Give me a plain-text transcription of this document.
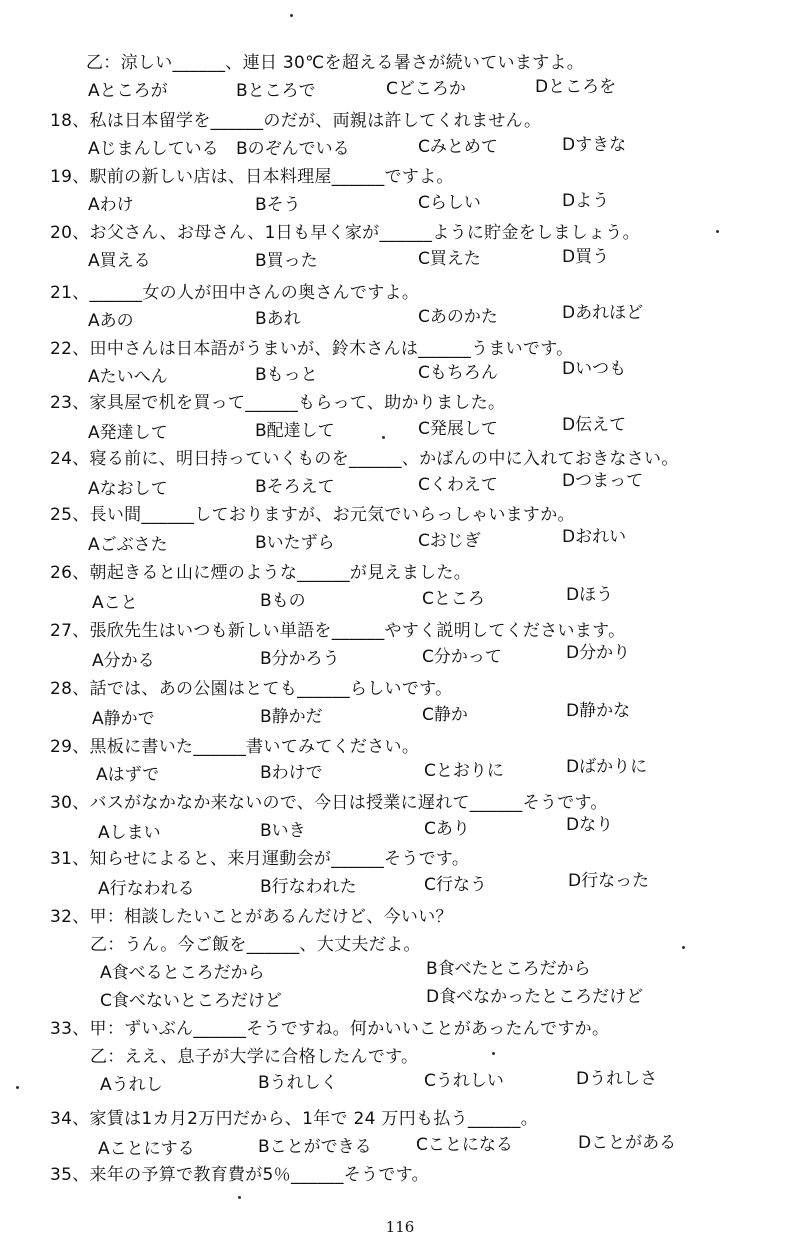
乙：涼しい______、連日 30℃を超える暑さが続いていますよ。
Aところが	Bところで	Cどころか	Dところを
18、私は日本留学を______のだが、両親は許してくれません。
Aじまんしている Bのぞんでいる	Cみとめて	Dすきな
19、駅前の新しい店は、日本料理屋______ですよ。
Aわけ	Bそう	Cらしい	Dよう
20、お父さん、お母さん、1日も早く家が______ように貯金をしましょう。
A買える	B買った	C買えた	D買う
21、______女の人が田中さんの奥さんですよ。
Aあの	Bあれ	Cあのかた	Dあれほど
22、田中さんは日本語がうまいが、鈴木さんは______うまいです。
Aたいへん	Bもっと	Cもちろん	Dいつも
23、家具屋で机を買って______もらって、助かりました。
A発達して	B配達して	C発展して	D伝えて
24、寝る前に、明日持っていくものを______、かばんの中に入れておきなさい。
Aなおして	Bそろえて	Cくわえて	Dつまって
25、長い間______しておりますが、お元気でいらっしゃいますか。
Aごぶさた	Bいたずら	Cおじぎ	Dおれい
26、朝起きると山に煙のような______が見えました。
Aこと	Bもの	Cところ	Dほう
27、張欣先生はいつも新しい単語を______やすく説明してくださいます。
A分かる	B分かろう	C分かって	D分かり
28、話では、あの公園はとても______らしいです。
A静かで	B静かだ	C静か	D静かな
29、黒板に書いた______書いてみてください。
Aはずで	Bわけで	Cとおりに	Dばかりに
30、バスがなかなか来ないので、今日は授業に遅れて______そうです。
Aしまい	Bいき	Cあり	Dなり
31、知らせによると、来月運動会が______そうです。
A行なわれる	B行なわれた	C行なう	D行なった
32、甲：相談したいことがあるんだけど、今いい？
乙：うん。今ご飯を______、大丈夫だよ。
A食べるところだから	B食べたところだから
C食べないところだけど	D食べなかったところだけど
33、甲：ずいぶん______そうですね。何かいいことがあったんですか。
乙：ええ、息子が大学に合格したんです。
Aうれし	Bうれしく	Cうれしい	Dうれしさ
34、家賃は1カ月2万円だから、1年で 24 万円も払う______。
Aことにする	Bことができる	Cことになる	Dことがある
35、来年の予算で教育費が5％______そうです。
116
